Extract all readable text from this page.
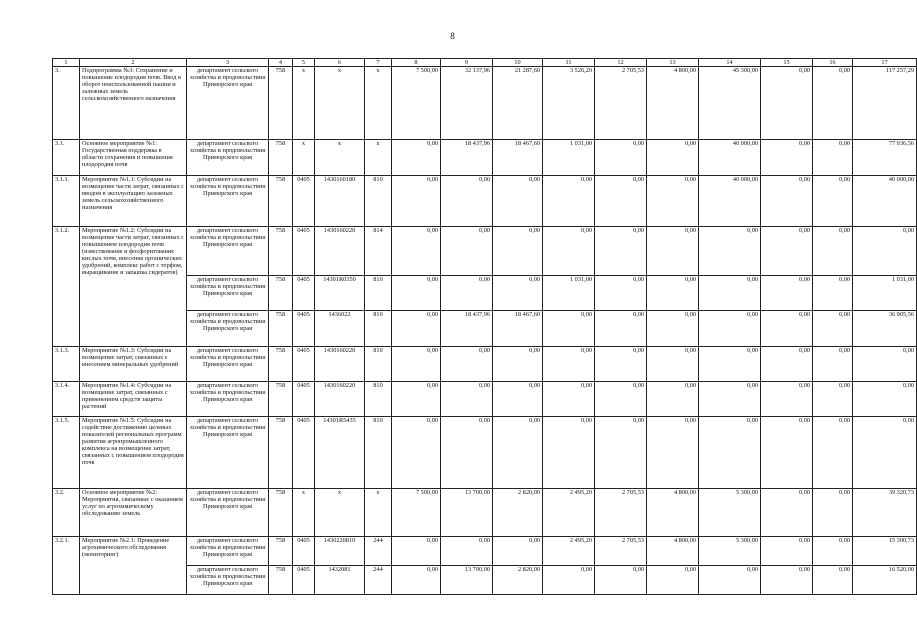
8
1	2	3	4	5	6	7	8	9	10	11	12	13	14	15	16	17
3.	Подпрограмма №3: Сохранение и повышение плодородия почв. Ввод в оборот неиспользованной пашни и залежных земель сельскохозяйственного назначения	департамент сельского хозяйства и продовольствия Приморского края	758	x	x	x	7 500,00	32 137,96	21 287,60	3 526,20	2 705,53	4 800,00	45 300,00	0,00	0,00	117 257,29
3.1.	Основное мероприятие №1: Государственная поддержка в области сохранения и повышения плодородия почв	департамент сельского хозяйства и продовольствия Приморского края	758	x	x	x	0,00	18 437,96	18 467,60	1 031,00	0,00	0,00	40 000,00	0,00	0,00	77 936,56
3.1.1.	Мероприятие №1.1: Субсидии на возмещение части затрат, связанных с вводом в эксплуатацию залежных земель сельскохозяйственного назначения	департамент сельского хозяйства и продовольствия Приморского края	758	0405	1430160180	810	0,00	0,00	0,00	0,00	0,00	0,00	40 000,00	0,00	0,00	40 000,00
3.1.2.	Мероприятие №1.2: Субсидии на возмещение части затрат, связанных с повышением плодородия почв (известкование и фосфоритование кислых почв, внесение органических удобрений, комплекс работ с торфом, выращивание и запашка сидератов)	департамент сельского хозяйства и продовольствия Приморского края	758	0405	1430160220	814	0,00	0,00	0,00	0,00	0,00	0,00	0,00	0,00	0,00	0,00
		департамент сельского хозяйства и продовольствия Приморского края	758	0405	14301R0350	810	0,00	0,00	0,00	1 031,00	0,00	0,00	0,00	0,00	0,00	1 031,00
		департамент сельского хозяйства и продовольствия Приморского края	758	0405	1436022	810	0,00	18 437,96	18 467,60	0,00	0,00	0,00	0,00	0,00	0,00	36 905,56
3.1.3.	Мероприятие №1.3: Субсидии на возмещение затрат, связанных с внесением минеральных удобрений	департамент сельского хозяйства и продовольствия Приморского края	758	0405	1430160220	810	0,00	0,00	0,00	0,00	0,00	0,00	0,00	0,00	0,00	0,00
3.1.4.	Мероприятие №1.4: Субсидии на возмещение затрат, связанных с применением средств защиты растений	департамент сельского хозяйства и продовольствия Приморского края	758	0405	1430160220	810	0,00	0,00	0,00	0,00	0,00	0,00	0,00	0,00	0,00	0,00
3.1.5.	Мероприятие №1.5: Субсидии на содействие достижению целевых показателей региональных программ развития агропромышленного комплекса на возмещение затрат, связанных с повышением плодородия почв	департамент сельского хозяйства и продовольствия Приморского края	758	0405	14301R5435	810	0,00	0,00	0,00	0,00	0,00	0,00	0,00	0,00	0,00	0,00
3.2.	Основное мероприятие №2: Мероприятия, связанные с оказанием услуг по агрохимическому обследованию земель	департамент сельского хозяйства и продовольствия Приморского края	758	x	x	x	7 500,00	13 700,00	2 820,00	2 495,20	2 705,53	4 800,00	5 300,00	0,00	0,00	39 320,73
3.2.1.	Мероприятие №2.1: Проведение агрохимического обследования (мониторинг)	департамент сельского хозяйства и продовольствия Приморского края	758	0405	1430220810	244	0,00	0,00	0,00	2 495,20	2 705,53	4 800,00	5 300,00	0,00	0,00	15 300,73
		департамент сельского хозяйства и продовольствия Приморского края	758	0405	1432081	244	0,00	13 700,00	2 820,00	0,00	0,00	0,00	0,00	0,00	0,00	16 520,00
